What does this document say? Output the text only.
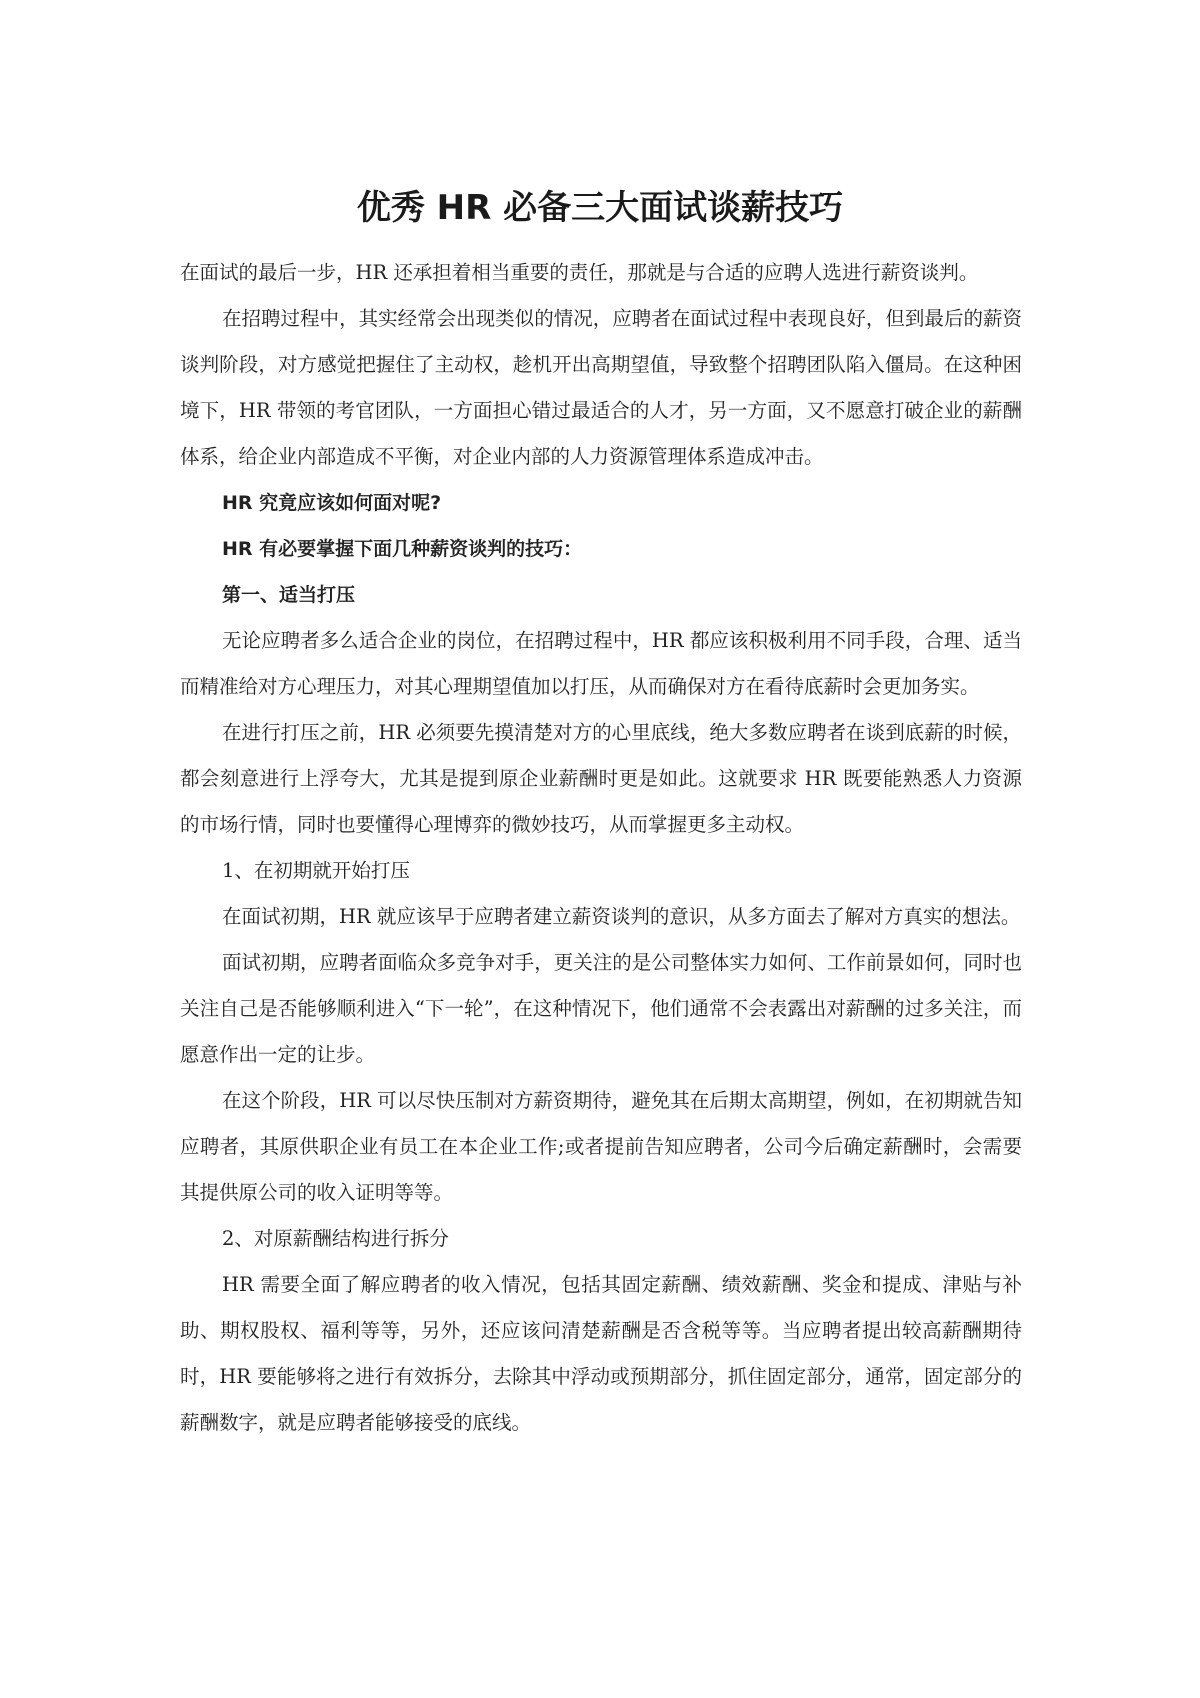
优秀 HR 必备三大面试谈薪技巧

在面试的最后一步，HR 还承担着相当重要的责任，那就是与合适的应聘人选进行薪资谈判。

在招聘过程中，其实经常会出现类似的情况，应聘者在面试过程中表现良好，但到最后的薪资谈判阶段，对方感觉把握住了主动权，趁机开出高期望值，导致整个招聘团队陷入僵局。在这种困境下，HR 带领的考官团队，一方面担心错过最适合的人才，另一方面，又不愿意打破企业的薪酬体系，给企业内部造成不平衡，对企业内部的人力资源管理体系造成冲击。

HR 究竟应该如何面对呢?

HR 有必要掌握下面几种薪资谈判的技巧：

第一、适当打压

无论应聘者多么适合企业的岗位，在招聘过程中，HR 都应该积极利用不同手段，合理、适当而精准给对方心理压力，对其心理期望值加以打压，从而确保对方在看待底薪时会更加务实。

在进行打压之前，HR 必须要先摸清楚对方的心里底线，绝大多数应聘者在谈到底薪的时候，都会刻意进行上浮夸大，尤其是提到原企业薪酬时更是如此。这就要求 HR 既要能熟悉人力资源的市场行情，同时也要懂得心理博弈的微妙技巧，从而掌握更多主动权。

1、在初期就开始打压

在面试初期，HR 就应该早于应聘者建立薪资谈判的意识，从多方面去了解对方真实的想法。

面试初期，应聘者面临众多竞争对手，更关注的是公司整体实力如何、工作前景如何，同时也关注自己是否能够顺利进入“下一轮”，在这种情况下，他们通常不会表露出对薪酬的过多关注，而愿意作出一定的让步。

在这个阶段，HR 可以尽快压制对方薪资期待，避免其在后期太高期望，例如，在初期就告知应聘者，其原供职企业有员工在本企业工作;或者提前告知应聘者，公司今后确定薪酬时，会需要其提供原公司的收入证明等等。

2、对原薪酬结构进行拆分

HR 需要全面了解应聘者的收入情况，包括其固定薪酬、绩效薪酬、奖金和提成、津贴与补助、期权股权、福利等等，另外，还应该问清楚薪酬是否含税等等。当应聘者提出较高薪酬期待时，HR 要能够将之进行有效拆分，去除其中浮动或预期部分，抓住固定部分，通常，固定部分的薪酬数字，就是应聘者能够接受的底线。
